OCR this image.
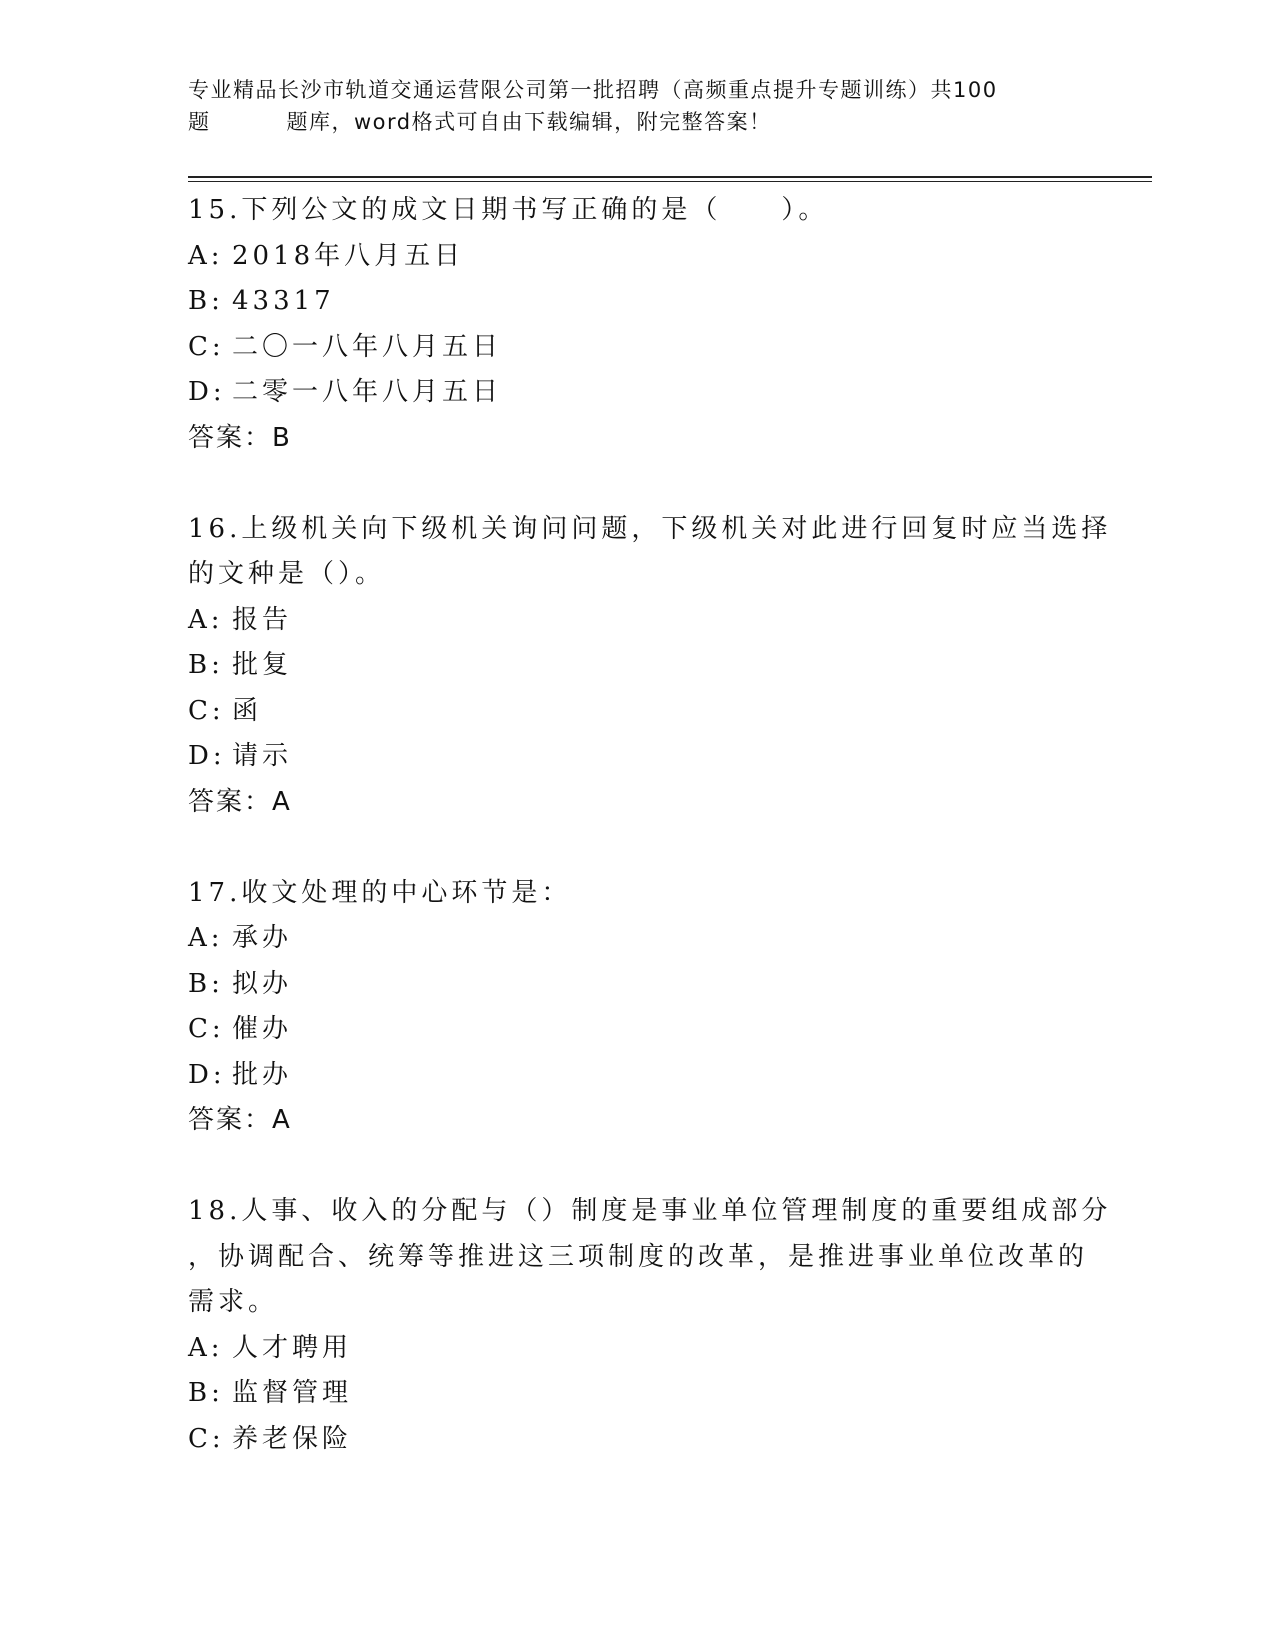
专业精品长沙市轨道交通运营限公司第一批招聘（高频重点提升专题训练）共100
题	题库，word格式可自由下载编辑，附完整答案！
15.下列公文的成文日期书写正确的是（　　）。
A: 2018年八月五日
B: 43317
C: 二〇一八年八月五日
D: 二零一八年八月五日
答案：B
16.上级机关向下级机关询问问题，下级机关对此进行回复时应当选择
的文种是（）。
A: 报告
B: 批复
C: 函
D: 请示
答案：A
17.收文处理的中心环节是：
A: 承办
B: 拟办
C: 催办
D: 批办
答案：A
18.人事、收入的分配与（）制度是事业单位管理制度的重要组成部分
，协调配合、统筹等推进这三项制度的改革，是推进事业单位改革的
需求。
A: 人才聘用
B: 监督管理
C: 养老保险
